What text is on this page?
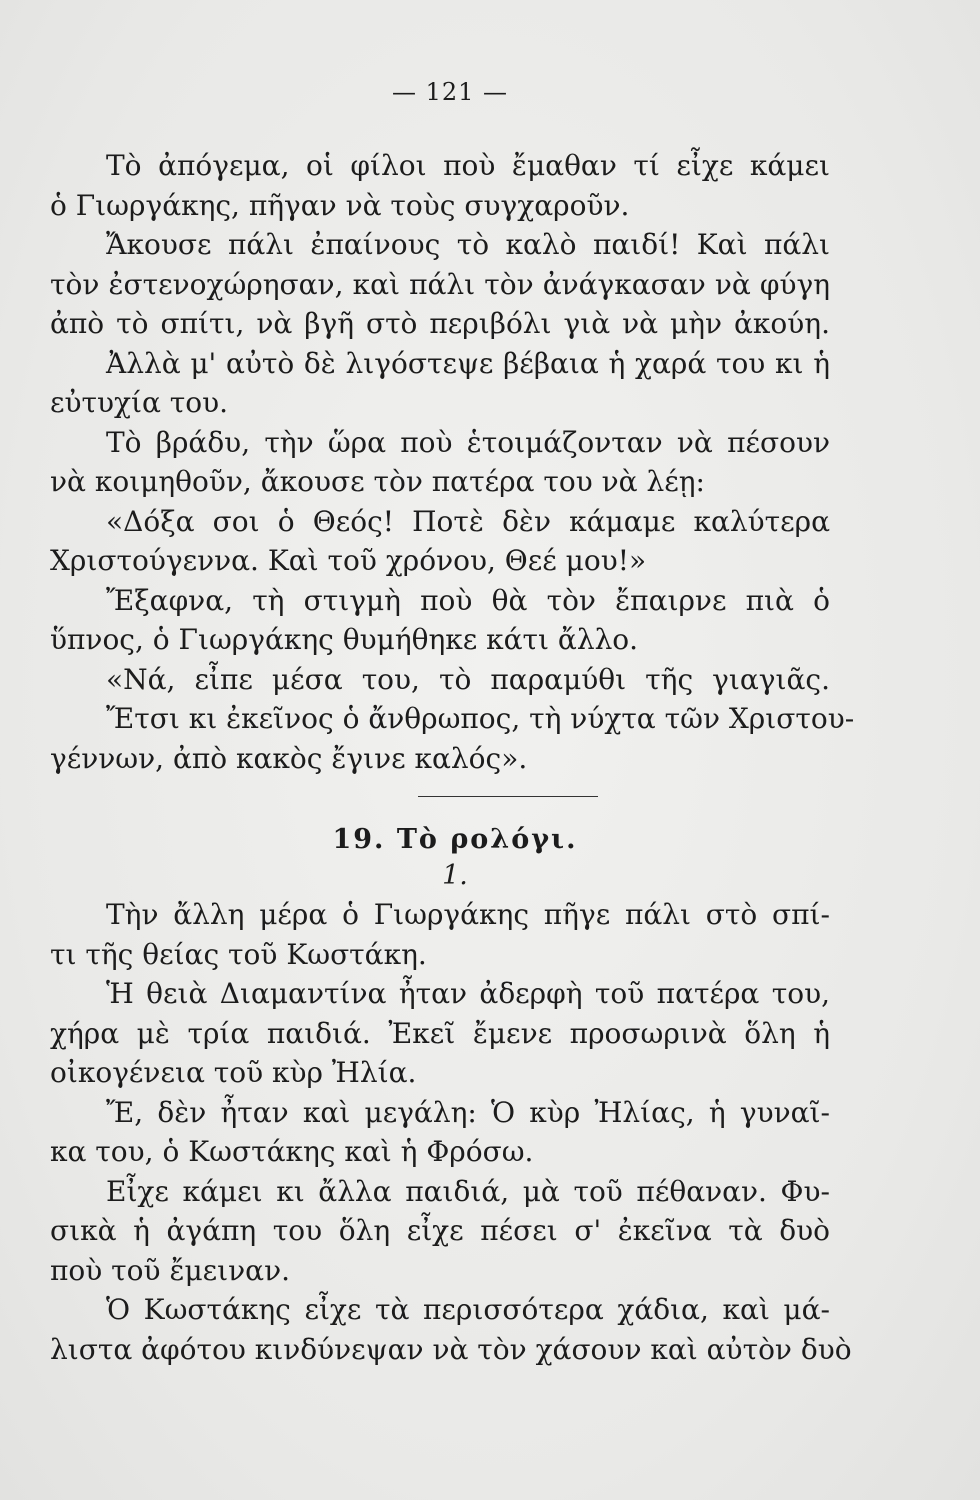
— 121 —
Τὸ ἀπόγεμα, οἱ φίλοι ποὺ ἔμαθαν τί εἶχε κάμει
ὁ Γιωργάκης, πῆγαν νὰ τοὺς συγχαροῦν.
Ἄκουσε πάλι ἐπαίνους τὸ καλὸ παιδί! Καὶ πάλι
τὸν ἐστενοχώρησαν, καὶ πάλι τὸν ἀνάγκασαν νὰ φύγη
ἀπὸ τὸ σπίτι, νὰ βγῆ στὸ περιβόλι γιὰ νὰ μὴν ἀκούη.
Ἀλλὰ μ' αὐτὸ δὲ λιγόστεψε βέβαια ἡ χαρά του κι ἡ
εὐτυχία του.
Τὸ βράδυ, τὴν ὥρα ποὺ ἑτοιμάζονταν νὰ πέσουν
νὰ κοιμηθοῦν, ἄκουσε τὸν πατέρα του νὰ λέῃ:
«Δόξα σοι ὁ Θεός! Ποτὲ δὲν κάμαμε καλύτερα
Χριστούγεννα. Καὶ τοῦ χρόνου, Θεέ μου!»
Ἔξαφνα, τὴ στιγμὴ ποὺ θὰ τὸν ἔπαιρνε πιὰ ὁ
ὕπνος, ὁ Γιωργάκης θυμήθηκε κάτι ἄλλο.
«Νά, εἶπε μέσα του, τὸ παραμύθι τῆς γιαγιᾶς.
Ἔτσι κι ἐκεῖνος ὁ ἄνθρωπος, τὴ νύχτα τῶν Χριστου-
γέννων, ἀπὸ κακὸς ἔγινε καλός».
19. Τὸ ρολόγι.
1.
Τὴν ἄλλη μέρα ὁ Γιωργάκης πῆγε πάλι στὸ σπί-
τι τῆς θείας τοῦ Κωστάκη.
Ἡ θειὰ Διαμαντίνα ἦταν ἀδερφὴ τοῦ πατέρα του,
χήρα μὲ τρία παιδιά. Ἐκεῖ ἔμενε προσωρινὰ ὅλη ἡ
οἰκογένεια τοῦ κὺρ Ἠλία.
Ἔ, δὲν ἦταν καὶ μεγάλη: Ὁ κὺρ Ἠλίας, ἡ γυναῖ-
κα του, ὁ Κωστάκης καὶ ἡ Φρόσω.
Εἶχε κάμει κι ἄλλα παιδιά, μὰ τοῦ πέθαναν. Φυ-
σικὰ ἡ ἀγάπη του ὅλη εἶχε πέσει σ' ἐκεῖνα τὰ δυὸ
ποὺ τοῦ ἔμειναν.
Ὁ Κωστάκης εἶχε τὰ περισσότερα χάδια, καὶ μά-
λιστα ἀφότου κινδύνεψαν νὰ τὸν χάσουν καὶ αὐτὸν δυὸ
